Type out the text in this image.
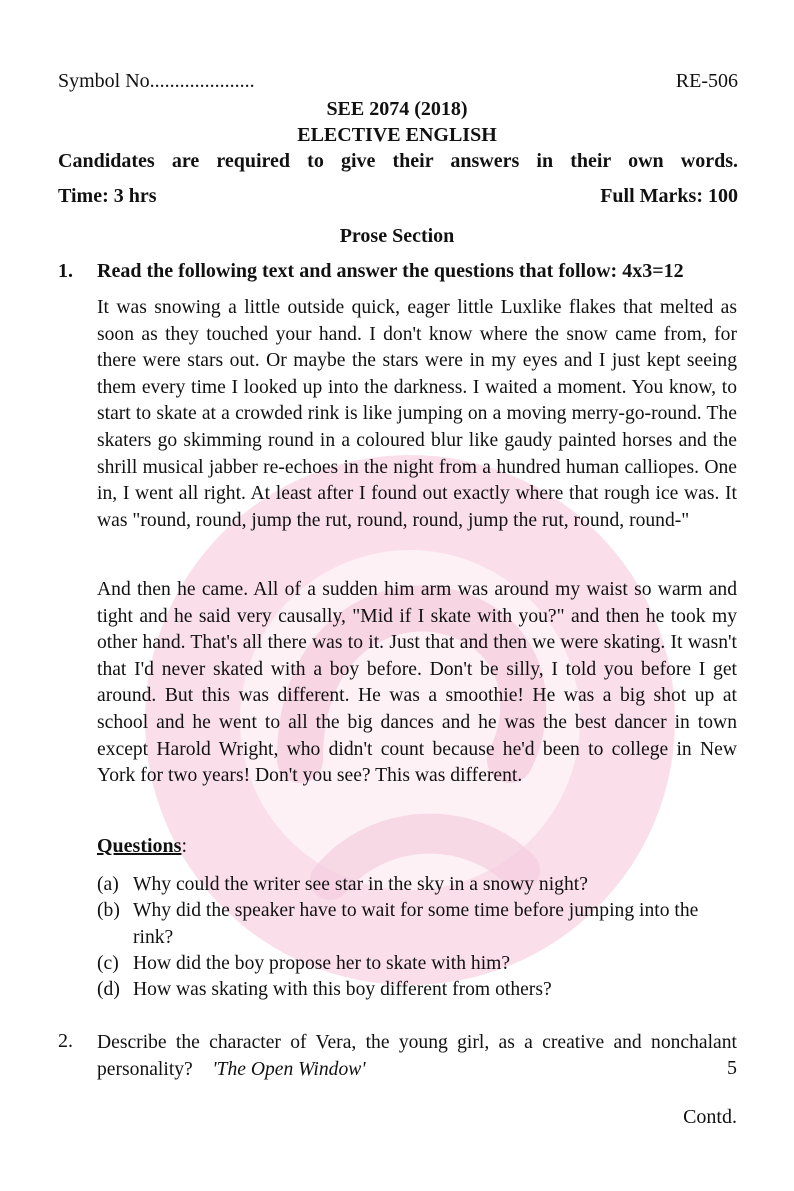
Symbol No.....................	RE-506
SEE 2074 (2018)
ELECTIVE ENGLISH
Candidates are required to give their answers in their own words.
Time: 3 hrs	Full Marks: 100
Prose Section
1. Read the following text and answer the questions that follow: 4x3=12

It was snowing a little outside quick, eager little Luxlike flakes that melted as soon as they touched your hand. I don't know where the snow came from, for there were stars out. Or maybe the stars were in my eyes and I just kept seeing them every time I looked up into the darkness. I waited a moment. You know, to start to skate at a crowded rink is like jumping on a moving merry-go-round. The skaters go skimming round in a coloured blur like gaudy painted horses and the shrill musical jabber re-echoes in the night from a hundred human calliopes. One in, I went all right. At least after I found out exactly where that rough ice was. It was "round, round, jump the rut, round, round, jump the rut, round, round-"

And then he came. All of a sudden him arm was around my waist so warm and tight and he said very causally, "Mid if I skate with you?" and then he took my other hand. That's all there was to it. Just that and then we were skating. It wasn't that I'd never skated with a boy before. Don't be silly, I told you before I get around. But this was different. He was a smoothie! He was a big shot up at school and he went to all the big dances and he was the best dancer in town except Harold Wright, who didn't count because he'd been to college in New York for two years! Don't you see? This was different.

Questions:
(a) Why could the writer see star in the sky in a snowy night?
(b) Why did the speaker have to wait for some time before jumping into the rink?
(c) How did the boy propose her to skate with him?
(d) How was skating with this boy different from others?
2. Describe the character of Vera, the young girl, as a creative and nonchalant personality? 'The Open Window'	5
Contd.
